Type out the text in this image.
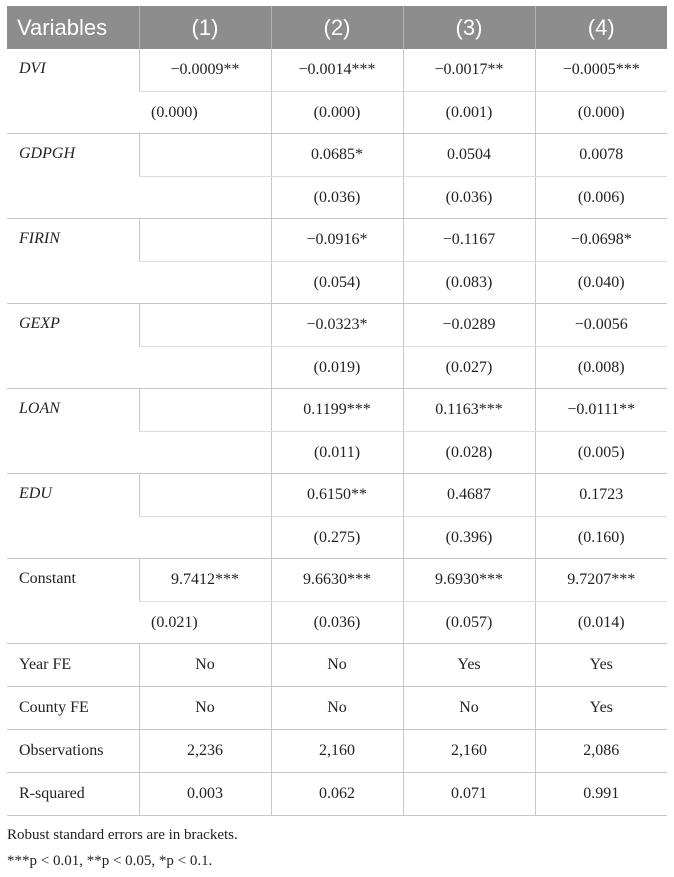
Variables	(1)	(2)	(3)	(4)
DVI	−0.0009**	−0.0014***	−0.0017**	−0.0005***
	(0.000)	(0.000)	(0.001)	(0.000)
GDPGH		0.0685*	0.0504	0.0078
		(0.036)	(0.036)	(0.006)
FIRIN		−0.0916*	−0.1167	−0.0698*
		(0.054)	(0.083)	(0.040)
GEXP		−0.0323*	−0.0289	−0.0056
		(0.019)	(0.027)	(0.008)
LOAN		0.1199***	0.1163***	−0.0111**
		(0.011)	(0.028)	(0.005)
EDU		0.6150**	0.4687	0.1723
		(0.275)	(0.396)	(0.160)
Constant	9.7412***	9.6630***	9.6930***	9.7207***
	(0.021)	(0.036)	(0.057)	(0.014)
Year FE	No	No	Yes	Yes
County FE	No	No	No	Yes
Observations	2,236	2,160	2,160	2,086
R-squared	0.003	0.062	0.071	0.991
Robust standard errors are in brackets.
***p < 0.01, **p < 0.05, *p < 0.1.
